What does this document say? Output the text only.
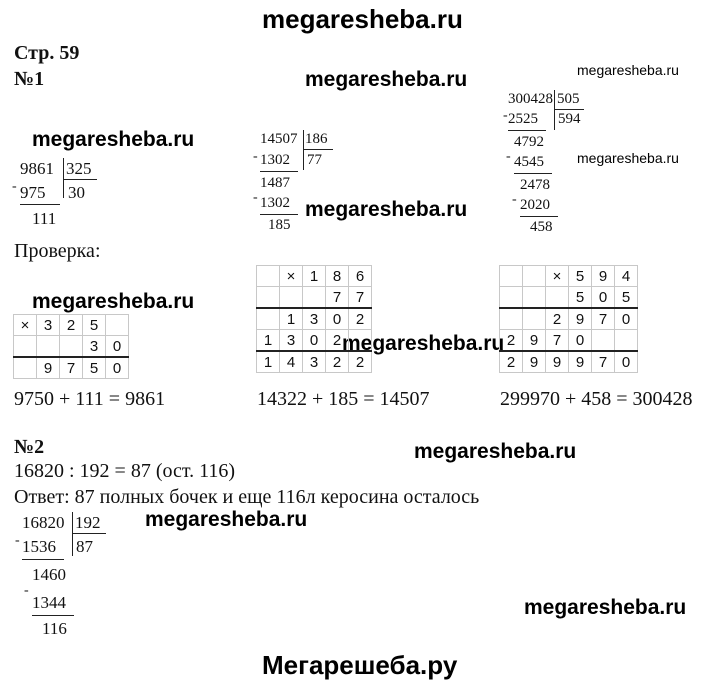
megaresheba.ru
megaresheba.ru	megaresheba.ru
megaresheba.ru
megaresheba.ru
megaresheba.ru
megaresheba.ru
megaresheba.ru
megaresheba.ru
megaresheba.ru
megaresheba.ru
Мегарешеба.ру
Стр. 59
№1
9861 325
- 975 30
111
14507 186
- 1302 77
1487
- 1302
185
300428 505
- 2525 594
4792
- 4545
2478
- 2020
458
Проверка:
×	3	2	5	
			3	0
	9	7	5	0
	×	1	8	6
			7	7
	1	3	0	2
1	3	0	2	
1	4	3	2	2
		×	5	9	4
			5	0	5
		2	9	7	0
2	9	7	0		
2	9	9	9	7	0
9750 + 111 = 9861	14322 + 185 = 14507	299970 + 458 = 300428
№2
16820 : 192 = 87 (ост. 116)
Ответ: 87 полных бочек и еще 116л керосина осталось
16820 192
- 1536 87
1460
-
1344
116
